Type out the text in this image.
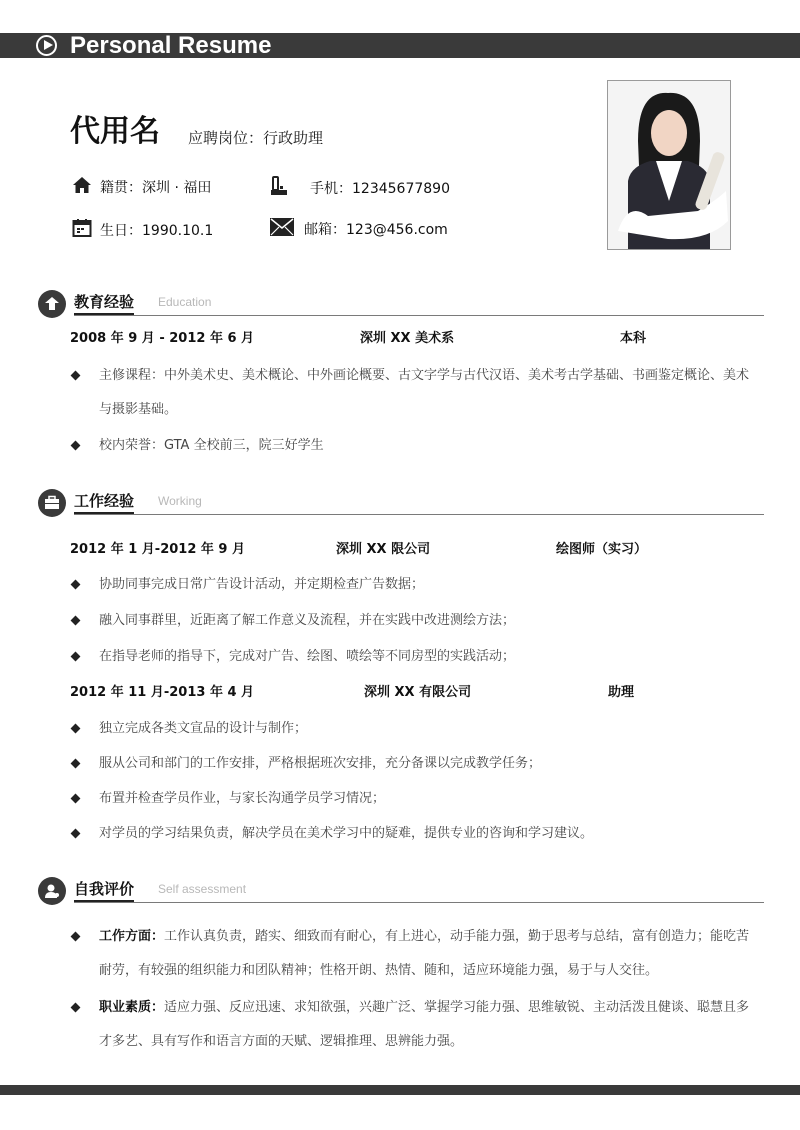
Personal Resume
代用名 应聘岗位：行政助理
籍贯：深圳 · 福田	手机：12345677890
生日：1990.10.1	邮箱：123@456.com
教育经验 Education
2008 年 9 月 - 2012 年 6 月	深圳 XX 美术系	本科
主修课程：中外美术史、美术概论、中外画论概要、古文字学与古代汉语、美术考古学基础、书画鉴定概论、美术与摄影基础。
校内荣誉：GTA 全校前三，院三好学生
工作经验 Working
2012 年 1 月-2012 年 9 月	深圳 XX 限公司	绘图师（实习）
协助同事完成日常广告设计活动，并定期检查广告数据；
融入同事群里，近距离了解工作意义及流程，并在实践中改进测绘方法；
在指导老师的指导下，完成对广告、绘图、喷绘等不同房型的实践活动；
2012 年 11 月-2013 年 4 月	深圳 XX 有限公司	助理
独立完成各类文宣品的设计与制作；
服从公司和部门的工作安排，严格根据班次安排，充分备课以完成教学任务；
布置并检查学员作业，与家长沟通学员学习情况；
对学员的学习结果负责，解决学员在美术学习中的疑难，提供专业的咨询和学习建议。
自我评价 Self assessment
工作方面：工作认真负责，踏实、细致而有耐心，有上进心，动手能力强，勤于思考与总结，富有创造力；能吃苦耐劳，有较强的组织能力和团队精神；性格开朗、热情、随和，适应环境能力强，易于与人交往。
职业素质：适应力强、反应迅速、求知欲强，兴趣广泛、掌握学习能力强、思维敏锐、主动活泼且健谈、聪慧且多才多艺、具有写作和语言方面的天赋、逻辑推理、思辨能力强。
